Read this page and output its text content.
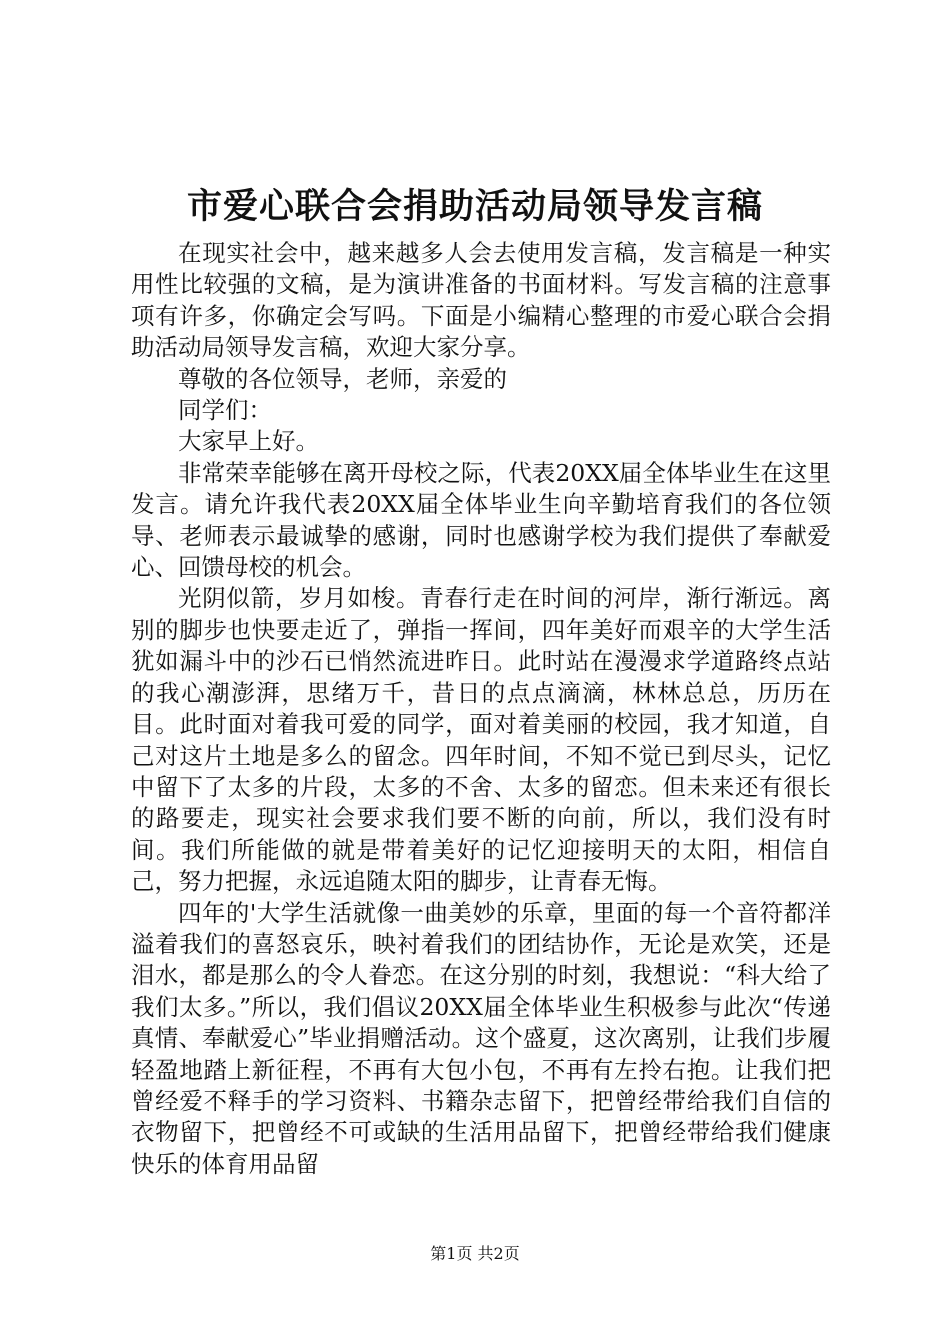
市爱心联合会捐助活动局领导发言稿

在现实社会中，越来越多人会去使用发言稿，发言稿是一种实用性比较强的文稿，是为演讲准备的书面材料。写发言稿的注意事项有许多，你确定会写吗。下面是小编精心整理的市爱心联合会捐助活动局领导发言稿，欢迎大家分享。

尊敬的各位领导，老师，亲爱的

同学们：

大家早上好。

非常荣幸能够在离开母校之际，代表20XX届全体毕业生在这里发言。请允许我代表20XX届全体毕业生向辛勤培育我们的各位领导、老师表示最诚挚的感谢，同时也感谢学校为我们提供了奉献爱心、回馈母校的机会。

光阴似箭，岁月如梭。青春行走在时间的河岸，渐行渐远。离别的脚步也快要走近了，弹指一挥间，四年美好而艰辛的大学生活犹如漏斗中的沙石已悄然流进昨日。此时站在漫漫求学道路终点站的我心潮澎湃，思绪万千，昔日的点点滴滴，林林总总，历历在目。此时面对着我可爱的同学，面对着美丽的校园，我才知道，自己对这片土地是多么的留念。四年时间，不知不觉已到尽头，记忆中留下了太多的片段，太多的不舍、太多的留恋。但未来还有很长的路要走，现实社会要求我们要不断的向前，所以，我们没有时间。我们所能做的就是带着美好的记忆迎接明天的太阳，相信自己，努力把握，永远追随太阳的脚步，让青春无悔。

四年的'大学生活就像一曲美妙的乐章，里面的每一个音符都洋溢着我们的喜怒哀乐，映衬着我们的团结协作，无论是欢笑，还是泪水，都是那么的令人眷恋。在这分别的时刻，我想说：“科大给了我们太多。”所以，我们倡议20XX届全体毕业生积极参与此次“传递真情、奉献爱心”毕业捐赠活动。这个盛夏，这次离别，让我们步履轻盈地踏上新征程，不再有大包小包，不再有左拎右抱。让我们把曾经爱不释手的学习资料、书籍杂志留下，把曾经带给我们自信的衣物留下，把曾经不可或缺的生活用品留下，把曾经带给我们健康快乐的体育用品留

第1页 共2页
